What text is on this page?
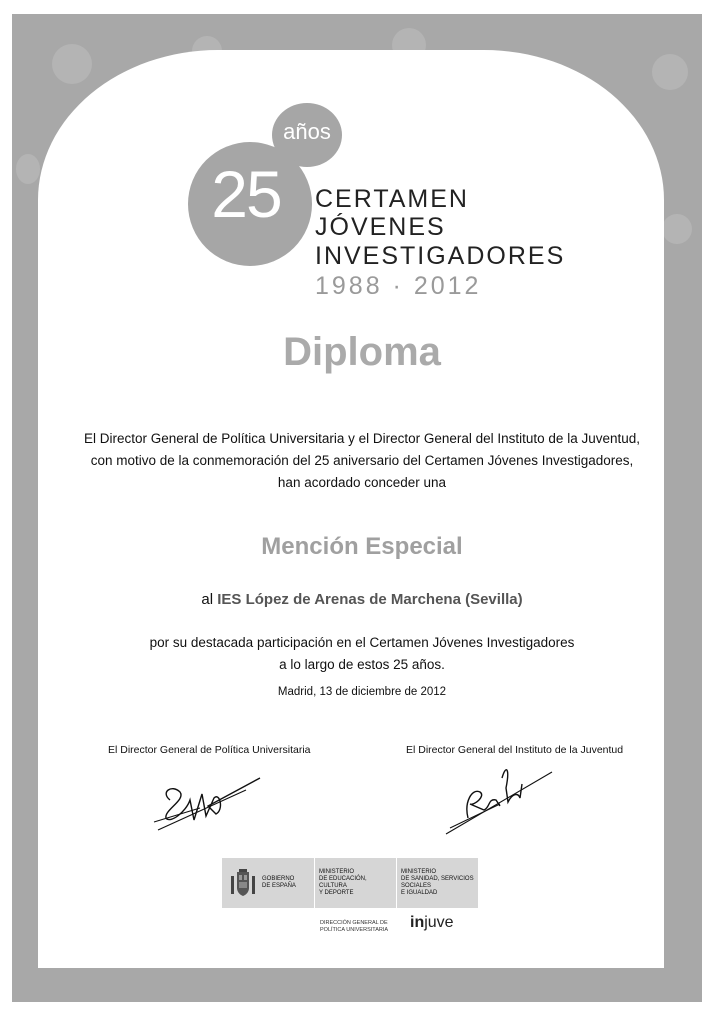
años
25	CERTAMEN
JÓVENES
INVESTIGADORES
1988 · 2012
Diploma
El Director General de Política Universitaria y el Director General del Instituto de la Juventud,
con motivo de la conmemoración del 25 aniversario del Certamen Jóvenes Investigadores,
han acordado conceder una
Mención Especial
al IES López de Arenas de Marchena (Sevilla)
por su destacada participación en el Certamen Jóvenes Investigadores
a lo largo de estos 25 años.
Madrid, 13 de diciembre de 2012
El Director General de Política Universitaria	El Director General del Instituto de la Juventud
GOBIERNO
DE ESPAÑA
MINISTERIO
DE EDUCACIÓN, CULTURA
Y DEPORTE
MINISTERIO
DE SANIDAD, SERVICIOS SOCIALES
E IGUALDAD
DIRECCIÓN GENERAL DE
POLÍTICA UNIVERSITARIA injuve
